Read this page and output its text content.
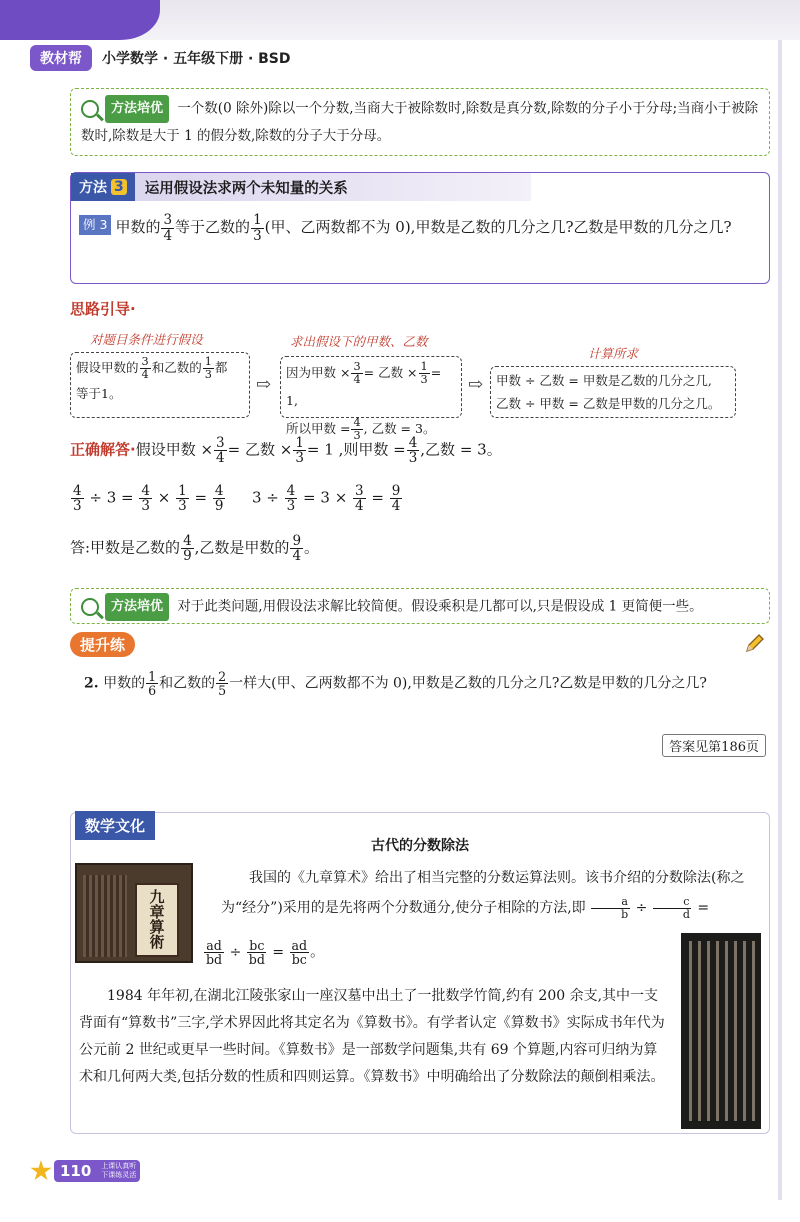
教材帮	小学数学 · 五年级下册 · BSD
方法培优	一个数(0 除外)除以一个分数,当商大于被除数时,除数是真分数,除数的分子小于分母;当商小于被除数时,除数是大于 1 的假分数,除数的分子大于分母。
方法 3 运用假设法求两个未知量的关系
例 3 甲数的 $\frac{3}{4}$ 等于乙数的 $\frac{1}{3}$ (甲、乙两数都不为 0),甲数是乙数的几分之几?乙数是甲数的几分之几?
思路引导·
对题目条件进行假设	求出假设下的甲数、乙数
计算所求
假设甲数的 $\frac{3}{4}$ 和乙数的 $\frac{1}{3}$ 都
等于1。	⇨
因为甲数 × $\frac{3}{4}$ = 乙数 × $\frac{1}{3} = 1$,
所以甲数 = $\frac{4}{3}$ , 乙数 = 3。
⇨	甲数 ÷ 乙数 = 甲数是乙数的几分之几,
乙数 ÷ 甲数 = 乙数是甲数的几分之几。
正确解答·假设甲数 × $\frac{3}{4}$ = 乙数 × $\frac{1}{3} = 1$ ,则甲数 = $\frac{4}{3}$ ,乙数 = 3。
$\frac{4}{3} \div 3 = \frac{4}{3} \times \frac{1}{3} = \frac{4}{9} 3 \div \frac{4}{3} = 3 \times \frac{3}{4} = \frac{9}{4}$
答:甲数是乙数的 $\frac{4}{9}$ ,乙数是甲数的 $\frac{9}{4}$ 。
方法培优	对于此类问题,用假设法求解比较简便。假设乘积是几都可以,只是假设成 1 更简便一些。
提升练
2. 甲数的 $\frac{1}{6}$ 和乙数的 $\frac{2}{5}$ 一样大(甲、乙两数都不为 0),甲数是乙数的几分之几?乙数是甲数的几分之几?
答案见第186页
数学文化
古代的分数除法
九章算術
我国的《九章算术》给出了相当完整的分数运算法则。该书介绍的分数除法(称之为“经分”)采用的是先将两个分数通分,使分子相除的方法,即 $\frac{a}{b} \div \frac{c}{d}$ =
$\frac{ad}{bd} \div \frac{bc}{bd} = \frac{ad}{bc}$ 。
1984 年年初,在湖北江陵张家山一座汉墓中出土了一批数学竹简,约有 200 余支,其中一支背面有“算数书”三字,学术界因此将其定名为《算数书》。有学者认定《算数书》实际成书年代为公元前 2 世纪或更早一些时间。《算数书》是一部数学问题集,共有 69 个算题,内容可归纳为算术和几何两大类,包括分数的性质和四则运算。《算数书》中明确给出了分数除法的颠倒相乘法。
110	上课认真听
下课练灵活
